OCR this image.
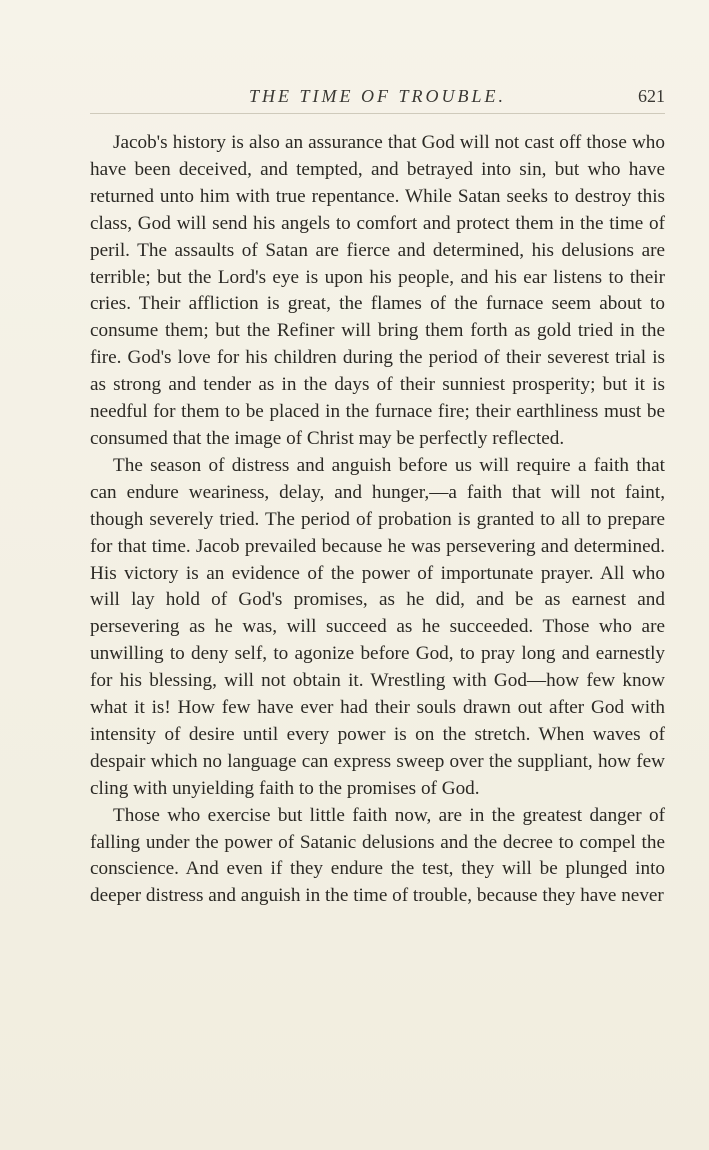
THE TIME OF TROUBLE.	621

Jacob's history is also an assurance that God will not cast off those who have been deceived, and tempted, and betrayed into sin, but who have returned unto him with true repentance. While Satan seeks to destroy this class, God will send his angels to comfort and protect them in the time of peril. The assaults of Satan are fierce and determined, his delusions are terrible; but the Lord's eye is upon his people, and his ear listens to their cries. Their affliction is great, the flames of the furnace seem about to consume them; but the Refiner will bring them forth as gold tried in the fire. God's love for his children during the period of their severest trial is as strong and tender as in the days of their sunniest prosperity; but it is needful for them to be placed in the furnace fire; their earthliness must be consumed that the image of Christ may be perfectly reflected.

The season of distress and anguish before us will require a faith that can endure weariness, delay, and hunger,—a faith that will not faint, though severely tried. The period of probation is granted to all to prepare for that time. Jacob prevailed because he was persevering and determined. His victory is an evidence of the power of importunate prayer. All who will lay hold of God's promises, as he did, and be as earnest and persevering as he was, will succeed as he succeeded. Those who are unwilling to deny self, to agonize before God, to pray long and earnestly for his blessing, will not obtain it. Wrestling with God—how few know what it is! How few have ever had their souls drawn out after God with intensity of desire until every power is on the stretch. When waves of despair which no language can express sweep over the suppliant, how few cling with unyielding faith to the promises of God.

Those who exercise but little faith now, are in the greatest danger of falling under the power of Satanic delusions and the decree to compel the conscience. And even if they endure the test, they will be plunged into deeper distress and anguish in the time of trouble, because they have never
